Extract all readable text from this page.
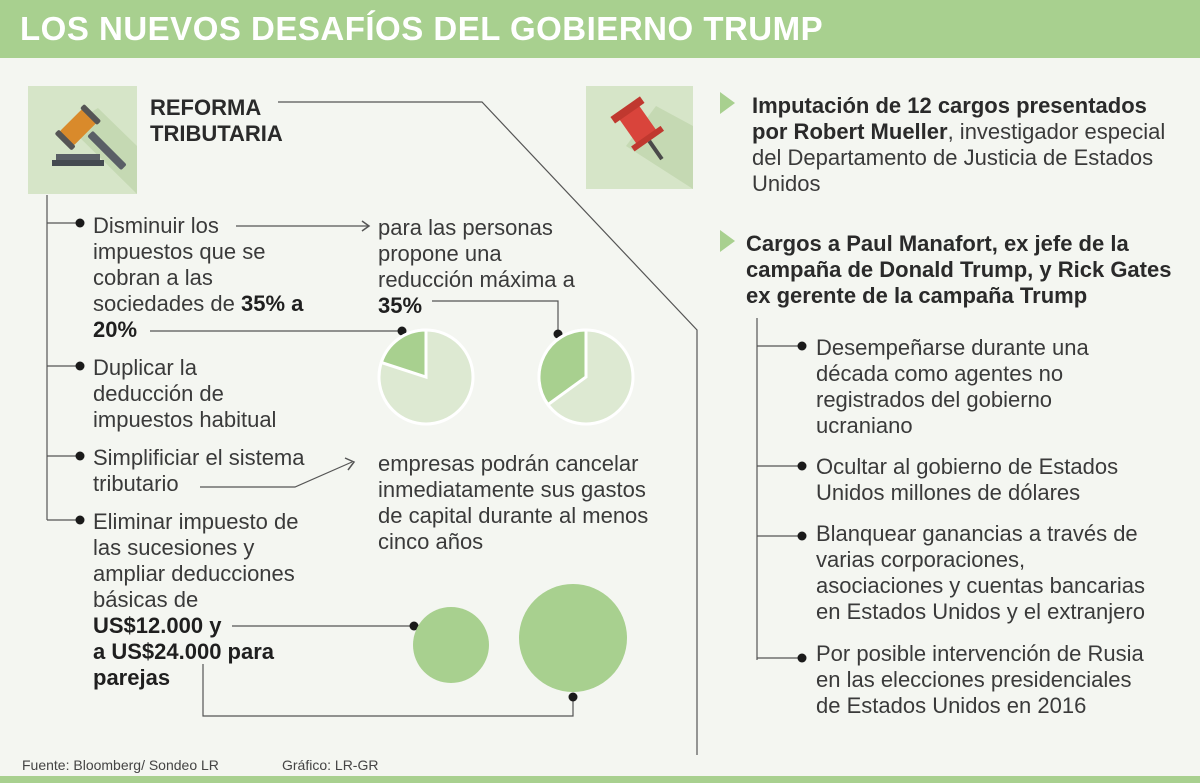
LOS NUEVOS DESAFÍOS DEL GOBIERNO TRUMP
REFORMA
TRIBUTARIA
Disminuir los
impuestos que se
cobran a las
sociedades de 35% a
20%
Duplicar la
deducción de
impuestos habitual
Simplificiar el sistema
tributario
Eliminar impuesto de
las sucesiones y
ampliar deducciones
básicas de
US$12.000 y
a US$24.000 para
parejas
para las personas
propone una
reducción máxima a
35%
empresas podrán cancelar
inmediatamente sus gastos
de capital durante al menos
cinco años
Imputación de 12 cargos presentados
por Robert Mueller, investigador especial
del Departamento de Justicia de Estados
Unidos
Cargos a Paul Manafort, ex jefe de la
campaña de Donald Trump, y Rick Gates
ex gerente de la campaña Trump
Desempeñarse durante una
década como agentes no
registrados del gobierno
ucraniano
Ocultar al gobierno de Estados
Unidos millones de dólares
Blanquear ganancias a través de
varias corporaciones,
asociaciones y cuentas bancarias
en Estados Unidos y el extranjero
Por posible intervención de Rusia
en las elecciones presidenciales
de Estados Unidos en 2016
Fuente: Bloomberg/ Sondeo LR	Gráfico: LR-GR
